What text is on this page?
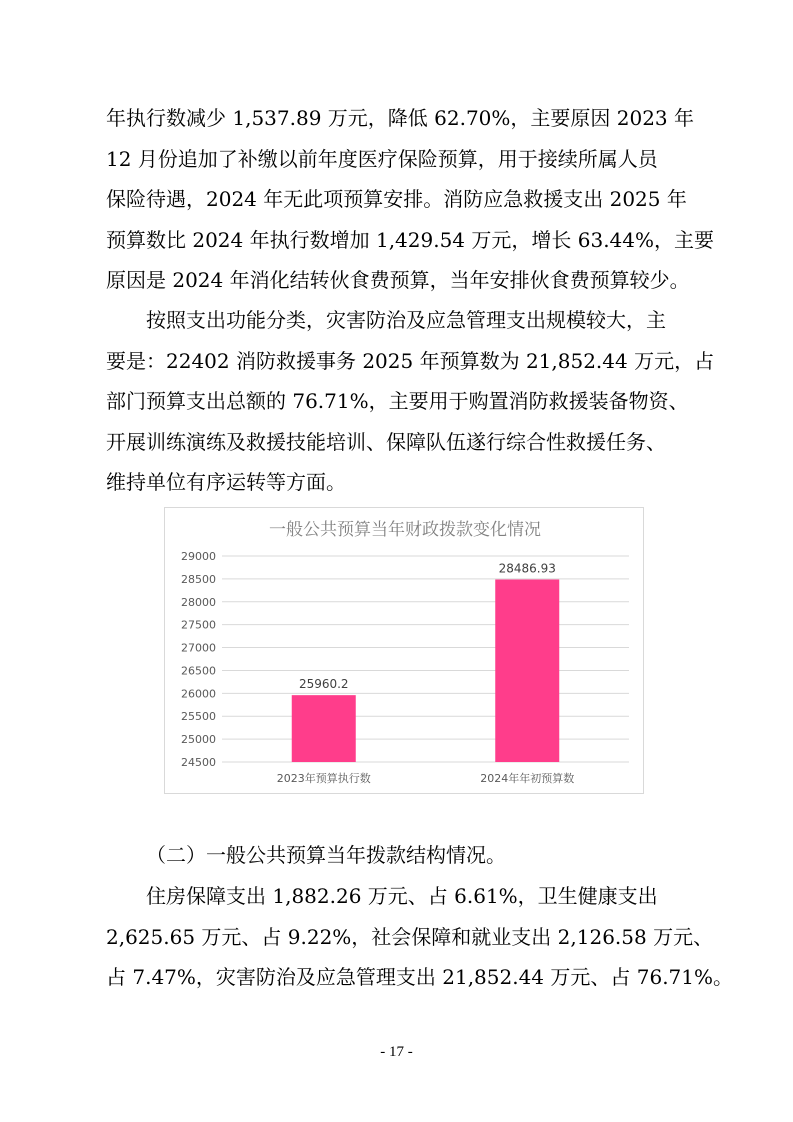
年执行数减少 1,537.89 万元，降低 62.70%，主要原因 2023 年
12 月份追加了补缴以前年度医疗保险预算，用于接续所属人员
保险待遇，2024 年无此项预算安排。消防应急救援支出 2025 年
预算数比 2024 年执行数增加 1,429.54 万元，增长 63.44%，主要
原因是 2024 年消化结转伙食费预算，当年安排伙食费预算较少。
按照支出功能分类，灾害防治及应急管理支出规模较大，主
要是：22402 消防救援事务 2025 年预算数为 21,852.44 万元，占
部门预算支出总额的 76.71%，主要用于购置消防救援装备物资、
开展训练演练及救援技能培训、保障队伍遂行综合性救援任务、
维持单位有序运转等方面。
一般公共预算当年财政拨款变化情况
24500
25000
25500
26000
26500
27000
27500
28000
28500
29000
25960.2
28486.93
2023年预算执行数	2024年年初预算数
（二）一般公共预算当年拨款结构情况。
住房保障支出 1,882.26 万元、占 6.61%，卫生健康支出
2,625.65 万元、占 9.22%，社会保障和就业支出 2,126.58 万元、
占 7.47%，灾害防治及应急管理支出 21,852.44 万元、占 76.71%。
- 17 -
